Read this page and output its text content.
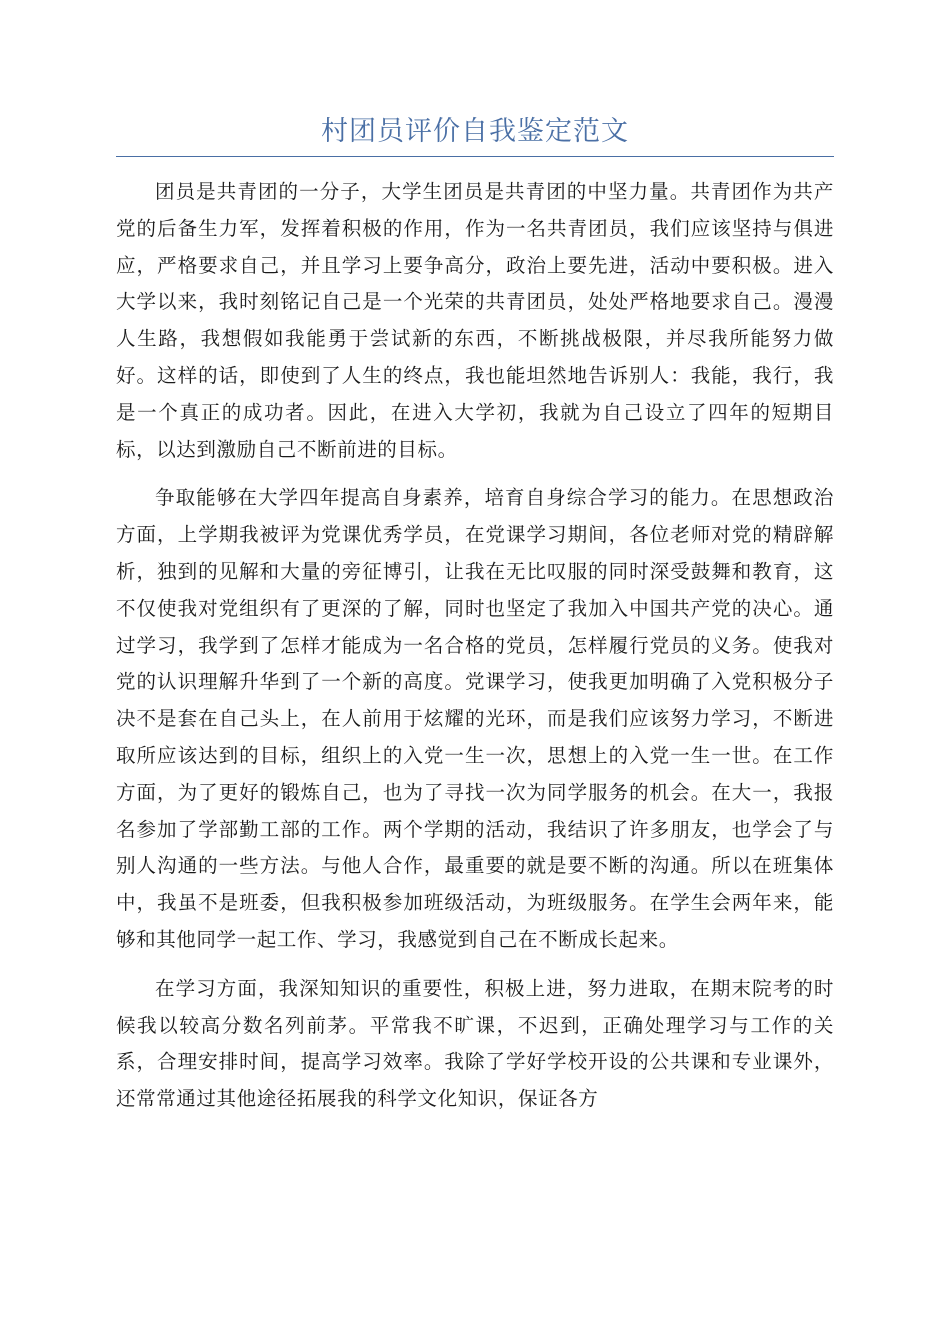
村团员评价自我鉴定范文

团员是共青团的一分子，大学生团员是共青团的中坚力量。共青团作为共产党的后备生力军，发挥着积极的作用，作为一名共青团员，我们应该坚持与俱进应，严格要求自己，并且学习上要争高分，政治上要先进，活动中要积极。进入大学以来，我时刻铭记自己是一个光荣的共青团员，处处严格地要求自己。漫漫人生路，我想假如我能勇于尝试新的东西，不断挑战极限，并尽我所能努力做好。这样的话，即使到了人生的终点，我也能坦然地告诉别人：我能，我行，我是一个真正的成功者。因此，在进入大学初，我就为自己设立了四年的短期目标，以达到激励自己不断前进的目标。

争取能够在大学四年提高自身素养，培育自身综合学习的能力。在思想政治方面，上学期我被评为党课优秀学员，在党课学习期间，各位老师对党的精辟解析，独到的见解和大量的旁征博引，让我在无比叹服的同时深受鼓舞和教育，这不仅使我对党组织有了更深的了解，同时也坚定了我加入中国共产党的决心。通过学习，我学到了怎样才能成为一名合格的党员，怎样履行党员的义务。使我对党的认识理解升华到了一个新的高度。党课学习，使我更加明确了入党积极分子决不是套在自己头上，在人前用于炫耀的光环，而是我们应该努力学习，不断进取所应该达到的目标，组织上的入党一生一次，思想上的入党一生一世。在工作方面，为了更好的锻炼自己，也为了寻找一次为同学服务的机会。在大一，我报名参加了学部勤工部的工作。两个学期的活动，我结识了许多朋友，也学会了与别人沟通的一些方法。与他人合作，最重要的就是要不断的沟通。所以在班集体中，我虽不是班委，但我积极参加班级活动，为班级服务。在学生会两年来，能够和其他同学一起工作、学习，我感觉到自己在不断成长起来。

在学习方面，我深知知识的重要性，积极上进，努力进取，在期末院考的时候我以较高分数名列前茅。平常我不旷课，不迟到，正确处理学习与工作的关系，合理安排时间，提高学习效率。我除了学好学校开设的公共课和专业课外，还常常通过其他途径拓展我的科学文化知识，保证各方
